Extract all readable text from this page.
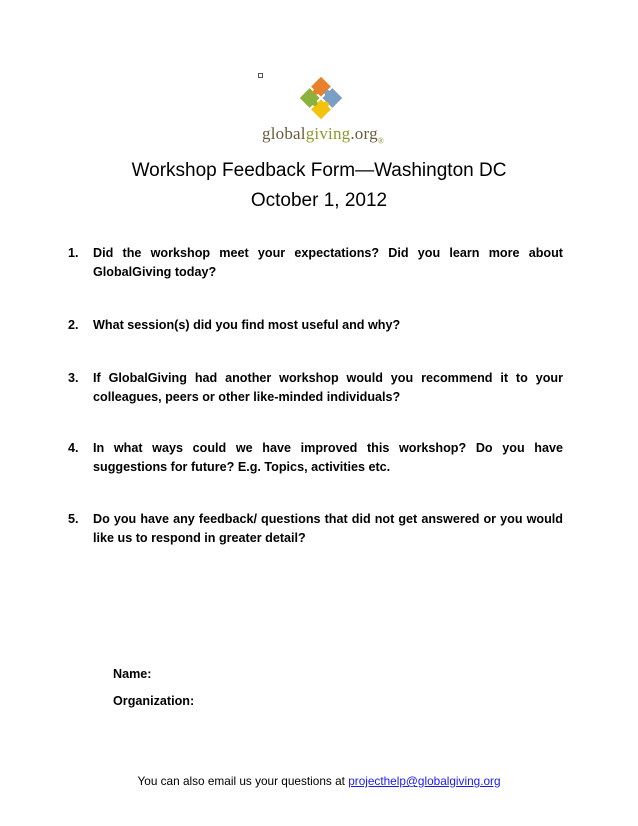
globalgiving.org$_®$
Workshop Feedback Form—Washington DC
October 1, 2012
1. Did the workshop meet your expectations? Did you learn more about GlobalGiving today?
2. What session(s) did you find most useful and why?
3. If GlobalGiving had another workshop would you recommend it to your colleagues, peers or other like-minded individuals?
4. In what ways could we have improved this workshop? Do you have suggestions for future? E.g. Topics, activities etc.
5. Do you have any feedback/ questions that did not get answered or you would like us to respond in greater detail?
Name:
Organization:
You can also email us your questions at projecthelp@globalgiving.org
